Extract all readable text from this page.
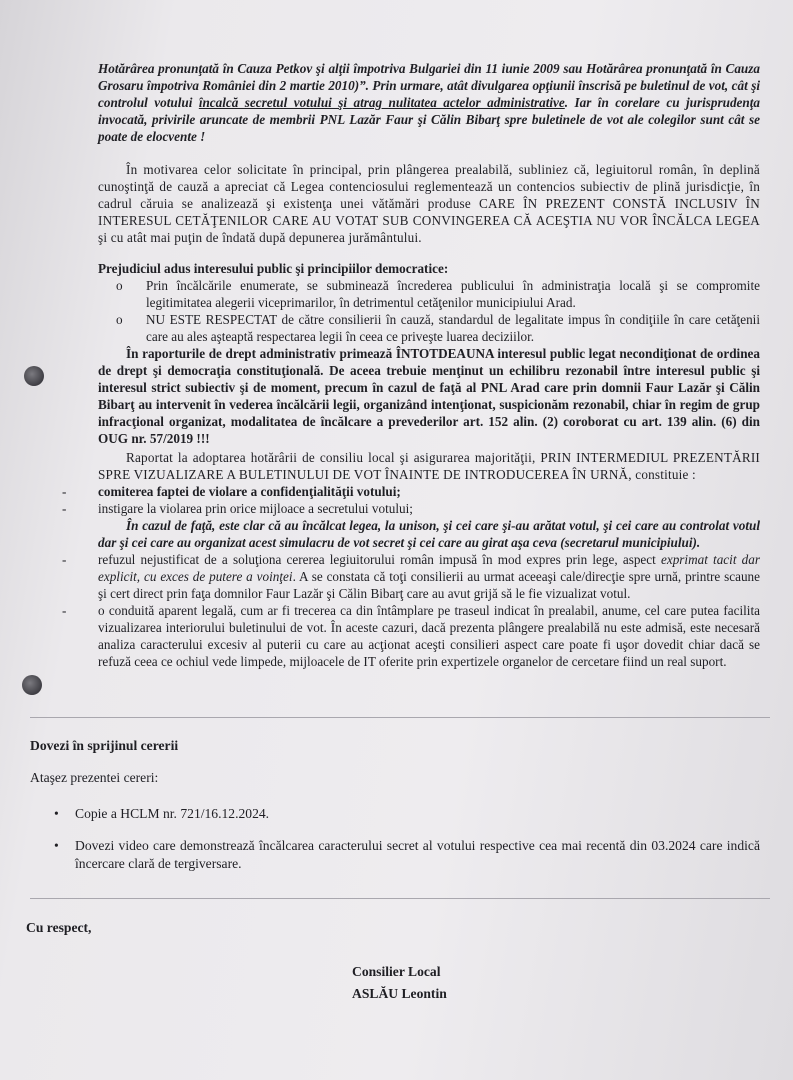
Hotărârea pronunţată în Cauza Petkov şi alţii împotriva Bulgariei din 11 iunie 2009 sau Hotărârea pronunţată în Cauza Grosaru împotriva României din 2 martie 2010)”. Prin urmare, atât divulgarea opţiunii înscrisă pe buletinul de vot, cât şi controlul votului încalcă secretul votului şi atrag nulitatea actelor administrative. Iar în corelare cu jurisprudenţa invocată, privirile aruncate de membrii PNL Lazăr Faur şi Călin Bibarţ spre buletinele de vot ale colegilor sunt cât se poate de elocvente !

În motivarea celor solicitate în principal, prin plângerea prealabilă, subliniez că, legiuitorul român, în deplină cunoştinţă de cauză a apreciat că Legea contenciosului reglementează un contencios subiectiv de plină jurisdicţie, în cadrul căruia se analizează şi existenţa unei vătămări produse CARE ÎN PREZENT CONSTĂ INCLUSIV ÎN INTERESUL CETĂŢENILOR CARE AU VOTAT SUB CONVINGEREA CĂ ACEŞTIA NU VOR ÎNCĂLCA LEGEA şi cu atât mai puţin de îndată după depunerea jurământului.

Prejudiciul adus interesului public şi principiilor democratice:

o Prin încălcările enumerate, se subminează încrederea publicului în administraţia locală şi se compromite legitimitatea alegerii viceprimarilor, în detrimentul cetăţenilor municipiului Arad.
o NU ESTE RESPECTAT de către consilierii în cauză, standardul de legalitate impus în condiţiile în care cetăţenii care au ales aşteaptă respectarea legii în ceea ce priveşte luarea deciziilor.

În raporturile de drept administrativ primează ÎNTOTDEAUNA interesul public legat necondiţionat de ordinea de drept şi democraţia constituţională. De aceea trebuie menţinut un echilibru rezonabil între interesul public şi interesul strict subiectiv şi de moment, precum în cazul de faţă al PNL Arad care prin domnii Faur Lazăr şi Călin Bibarţ au intervenit în vederea încălcării legii, organizând intenţionat, suspicionăm rezonabil, chiar în regim de grup infracţional organizat, modalitatea de încălcare a prevederilor art. 152 alin. (2) coroborat cu art. 139 alin. (6) din OUG nr. 57/2019 !!!

Raportat la adoptarea hotărârii de consiliu local şi asigurarea majorităţii, PRIN INTERMEDIUL PREZENTĂRII SPRE VIZUALIZARE A BULETINULUI DE VOT ÎNAINTE DE INTRODUCEREA ÎN URNĂ, constituie :

- comiterea faptei de violare a confidenţialităţii votului;
- instigare la violarea prin orice mijloace a secretului votului;

În cazul de faţă, este clar că au încălcat legea, la unison, şi cei care şi-au arătat votul, şi cei care au controlat votul dar şi cei care au organizat acest simulacru de vot secret şi cei care au girat aşa ceva (secretarul municipiului).

- refuzul nejustificat de a soluţiona cererea legiuitorului român impusă în mod expres prin lege, aspect exprimat tacit dar explicit, cu exces de putere a voinţei. A se constata că toţi consilierii au urmat aceeaşi cale/direcţie spre urnă, printre scaune şi cert direct prin faţa domnilor Faur Lazăr şi Călin Bibarţ care au avut grijă să le fie vizualizat votul.
- o conduită aparent legală, cum ar fi trecerea ca din întâmplare pe traseul indicat în prealabil, anume, cel care putea facilita vizualizarea interiorului buletinului de vot. În aceste cazuri, dacă prezenta plângere prealabilă nu este admisă, este necesară analiza caracterului excesiv al puterii cu care au acţionat aceşti consilieri aspect care poate fi uşor dovedit chiar dacă se refuză ceea ce ochiul vede limpede, mijloacele de IT oferite prin expertizele organelor de cercetare fiind un real suport.

Dovezi în sprijinul cererii

Ataşez prezentei cereri:

• Copie a HCLM nr. 721/16.12.2024.
• Dovezi video care demonstrează încălcarea caracterului secret al votului respective cea mai recentă din 03.2024 care indică încercare clară de tergiversare.

Cu respect,

Consilier Local

ASLĂU Leontin
